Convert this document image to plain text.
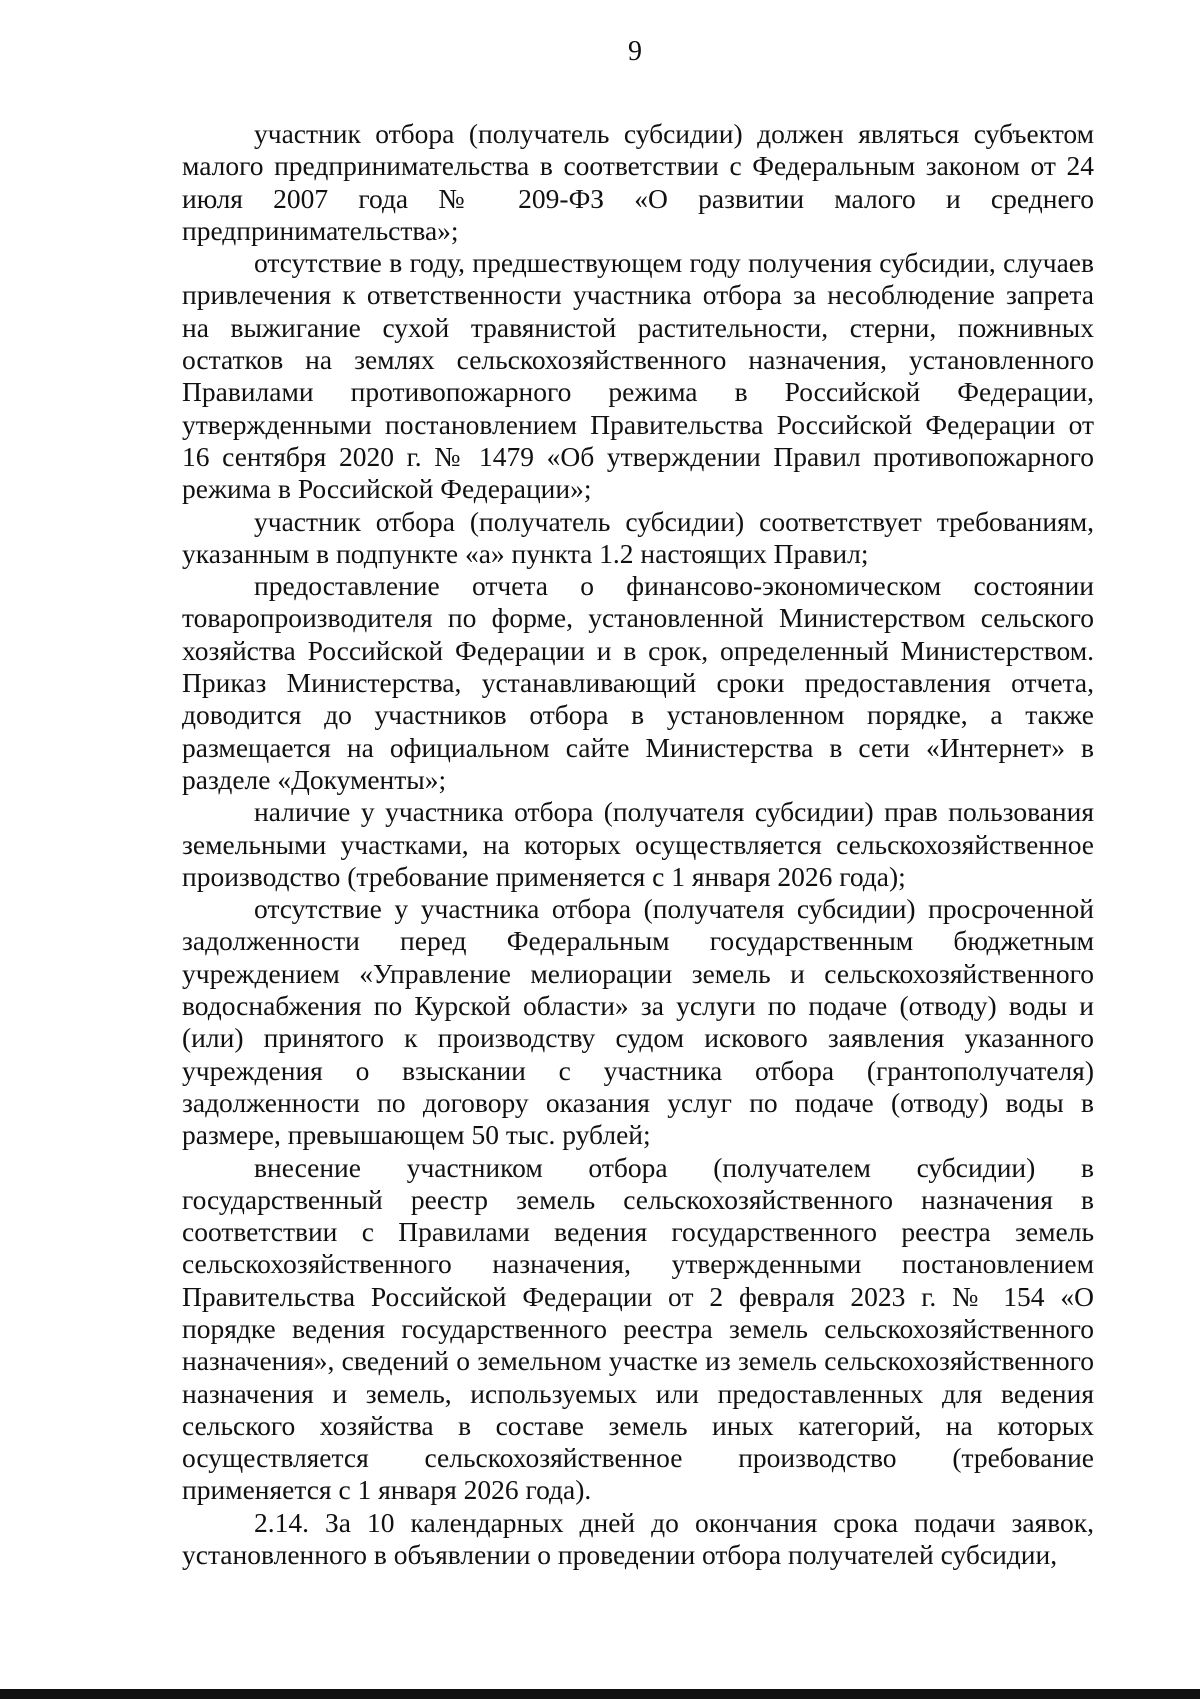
9

участник отбора (получатель субсидии) должен являться субъектом малого предпринимательства в соответствии с Федеральным законом от 24 июля 2007 года № 209-ФЗ «О развитии малого и среднего предпринимательства»;

отсутствие в году, предшествующем году получения субсидии, случаев привлечения к ответственности участника отбора за несоблюдение запрета на выжигание сухой травянистой растительности, стерни, пожнивных остатков на землях сельскохозяйственного назначения, установленного Правилами противопожарного режима в Российской Федерации, утвержденными постановлением Правительства Российской Федерации от 16 сентября 2020 г. № 1479 «Об утверждении Правил противопожарного режима в Российской Федерации»;

участник отбора (получатель субсидии) соответствует требованиям, указанным в подпункте «а» пункта 1.2 настоящих Правил;

предоставление отчета о финансово-экономическом состоянии товаропроизводителя по форме, установленной Министерством сельского хозяйства Российской Федерации и в срок, определенный Министерством. Приказ Министерства, устанавливающий сроки предоставления отчета, доводится до участников отбора в установленном порядке, а также размещается на официальном сайте Министерства в сети «Интернет» в разделе «Документы»;

наличие у участника отбора (получателя субсидии) прав пользования земельными участками, на которых осуществляется сельскохозяйственное производство (требование применяется с 1 января 2026 года);

отсутствие у участника отбора (получателя субсидии) просроченной задолженности перед Федеральным государственным бюджетным учреждением «Управление мелиорации земель и сельскохозяйственного водоснабжения по Курской области» за услуги по подаче (отводу) воды и (или) принятого к производству судом искового заявления указанного учреждения о взыскании с участника отбора (грантополучателя) задолженности по договору оказания услуг по подаче (отводу) воды в размере, превышающем 50 тыс. рублей;

внесение участником отбора (получателем субсидии) в государственный реестр земель сельскохозяйственного назначения в соответствии с Правилами ведения государственного реестра земель сельскохозяйственного назначения, утвержденными постановлением Правительства Российской Федерации от 2 февраля 2023 г. № 154 «О порядке ведения государственного реестра земель сельскохозяйственного назначения», сведений о земельном участке из земель сельскохозяйственного назначения и земель, используемых или предоставленных для ведения сельского хозяйства в составе земель иных категорий, на которых осуществляется сельскохозяйственное производство (требование применяется с 1 января 2026 года).

2.14. За 10 календарных дней до окончания срока подачи заявок, установленного в объявлении о проведении отбора получателей субсидии,
